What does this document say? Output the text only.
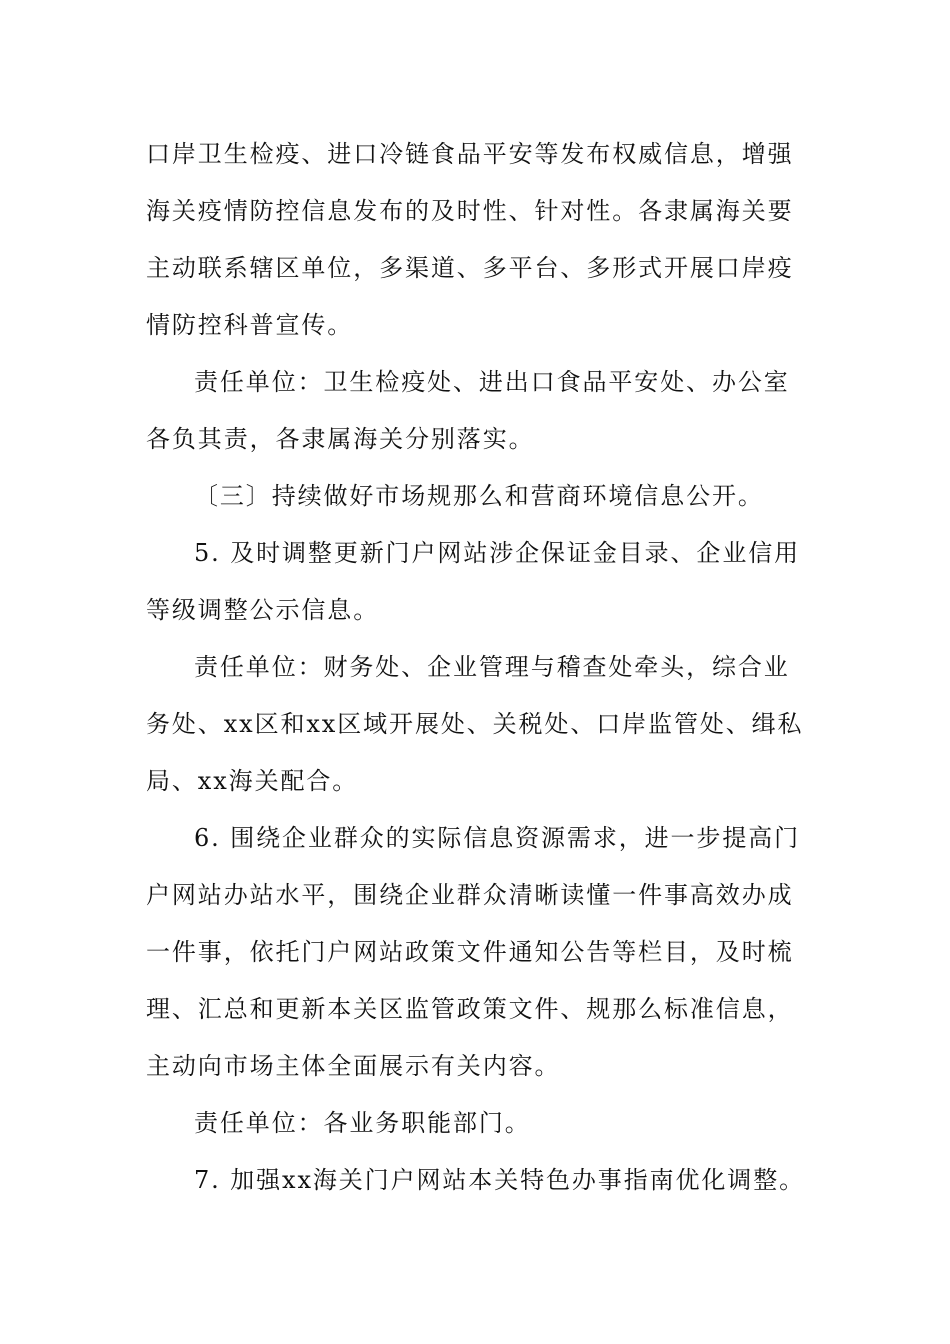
口岸卫生检疫、进口冷链食品平安等发布权威信息，增强
海关疫情防控信息发布的及时性、针对性。各隶属海关要
主动联系辖区单位，多渠道、多平台、多形式开展口岸疫
情防控科普宣传。

责任单位：卫生检疫处、进出口食品平安处、办公室
各负其责，各隶属海关分别落实。

〔三〕持续做好市场规那么和营商环境信息公开。

5. 及时调整更新门户网站涉企保证金目录、企业信用
等级调整公示信息。

责任单位：财务处、企业管理与稽查处牵头，综合业
务处、xx区和xx区域开展处、关税处、口岸监管处、缉私
局、xx海关配合。

6. 围绕企业群众的实际信息资源需求，进一步提高门
户网站办站水平，围绕企业群众清晰读懂一件事高效办成
一件事，依托门户网站政策文件通知公告等栏目，及时梳
理、汇总和更新本关区监管政策文件、规那么标准信息，
主动向市场主体全面展示有关内容。

责任单位：各业务职能部门。

7. 加强xx海关门户网站本关特色办事指南优化调整。
